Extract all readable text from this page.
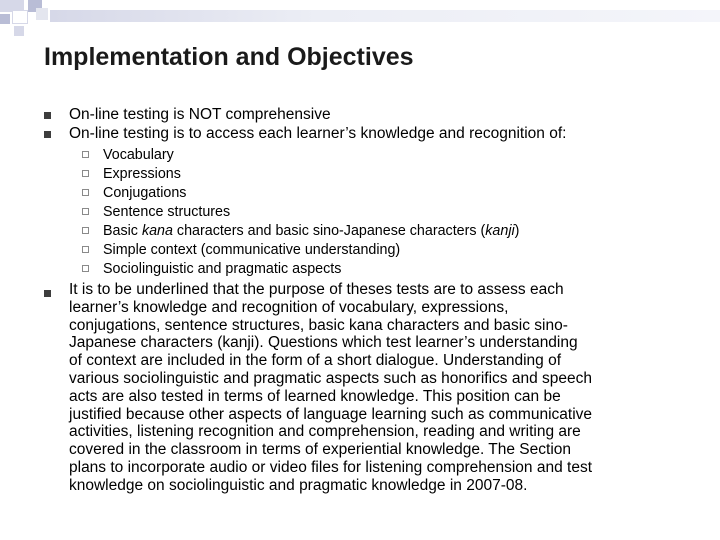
Implementation and Objectives
On-line testing is NOT comprehensive
On-line testing is to access each learner’s knowledge and recognition of:
Vocabulary
Expressions
Conjugations
Sentence structures
Basic kana characters and basic sino-Japanese characters (kanji)
Simple context (communicative understanding)
Sociolinguistic and pragmatic aspects

It is to be underlined that the purpose of theses tests are to assess each
learner’s knowledge and recognition of vocabulary, expressions,
conjugations, sentence structures, basic kana characters and basic sino-
Japanese characters (kanji). Questions which test learner’s understanding
of context are included in the form of a short dialogue. Understanding of
various sociolinguistic and pragmatic aspects such as honorifics and speech
acts are also tested in terms of learned knowledge. This position can be
justified because other aspects of language learning such as communicative
activities, listening recognition and comprehension, reading and writing are
covered in the classroom in terms of experiential knowledge. The Section
plans to incorporate audio or video files for listening comprehension and test
knowledge on sociolinguistic and pragmatic knowledge in 2007-08.
